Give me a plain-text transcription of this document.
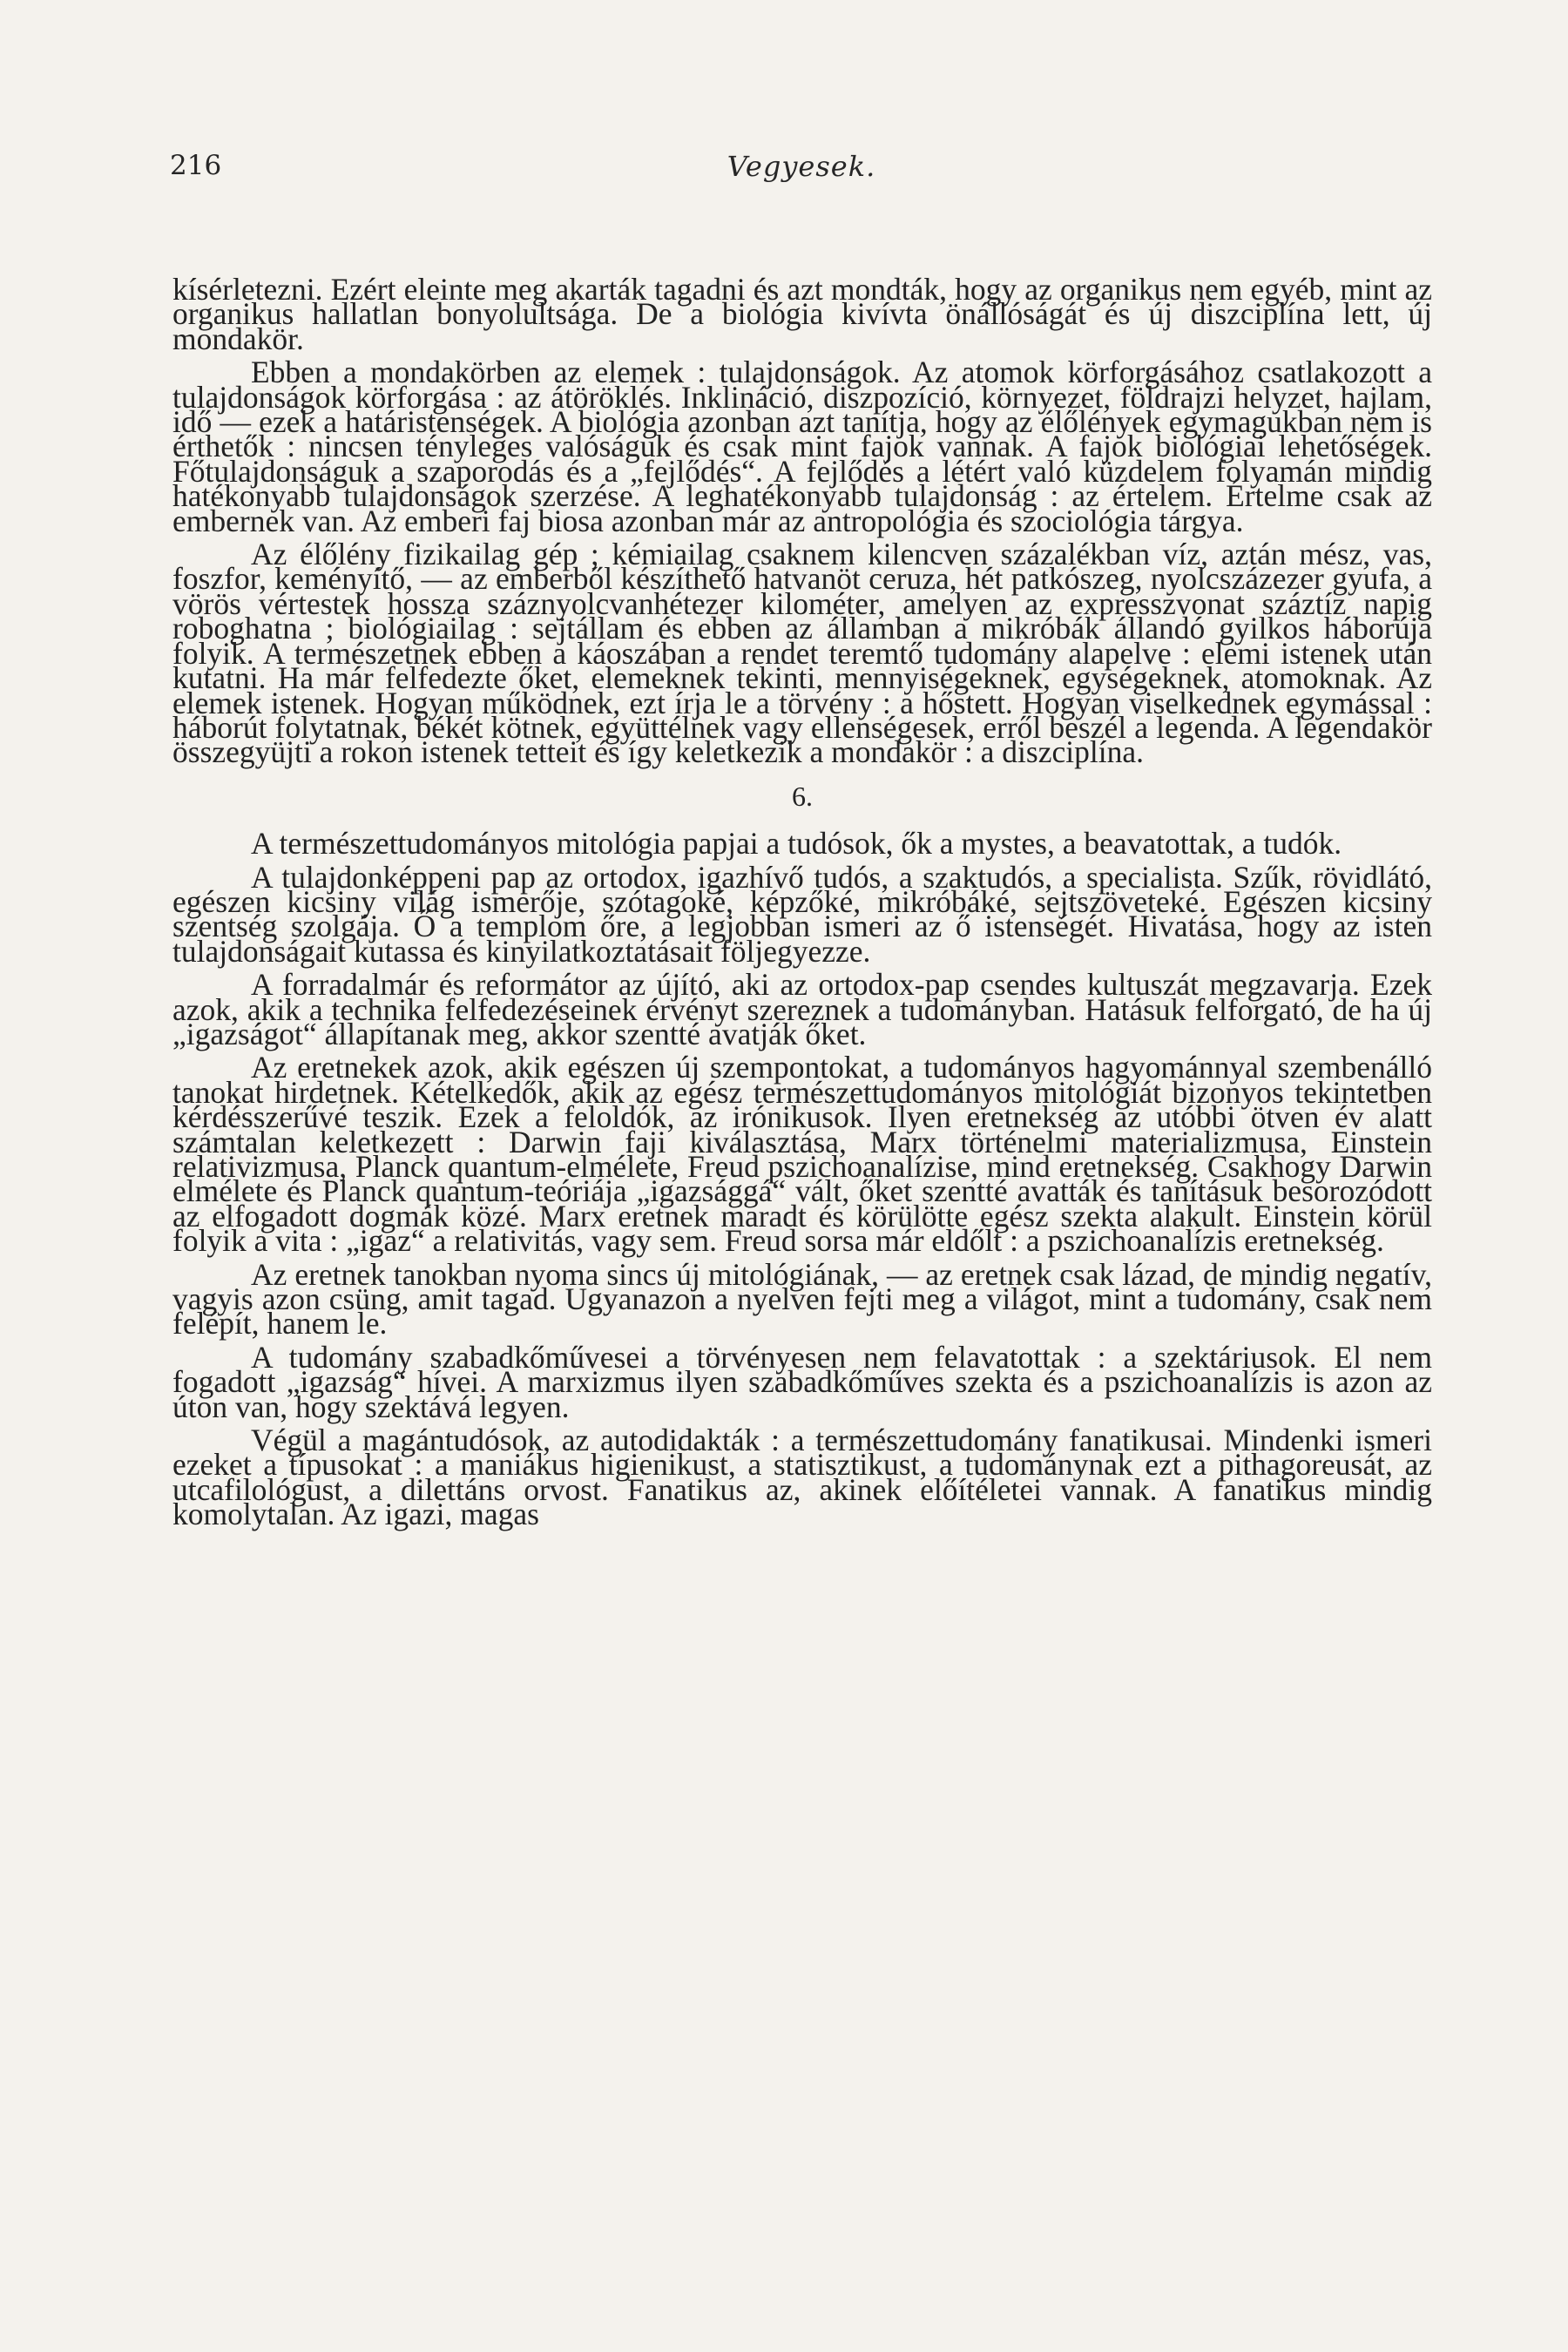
216	Vegyesek.

kísérletezni. Ezért eleinte meg akarták tagadni és azt mondták, hogy az organikus nem egyéb, mint az organikus hallatlan bonyolultsága. De a biológia kivívta önállóságát és új diszciplína lett, új mondakör.

Ebben a mondakörben az elemek : tulajdonságok. Az atomok körforgásához csatlakozott a tulajdonságok körforgása : az átöröklés. Inklináció, diszpozíció, környezet, földrajzi helyzet, hajlam, idő — ezek a határistenségek. A biológia azonban azt tanítja, hogy az élőlények egymagukban nem is érthetők : nincsen tényleges valóságuk és csak mint fajok vannak. A fajok biológiai lehetőségek. Főtulajdonságuk a szaporodás és a „fejlődés“. A fejlődés a létért való küzdelem folyamán mindig hatékonyabb tulajdonságok szerzése. A leghatékonyabb tulajdonság : az értelem. Értelme csak az embernek van. Az emberi faj biosa azonban már az antropológia és szociológia tárgya.

Az élőlény fizikailag gép ; kémiailag csaknem kilencven százalékban víz, aztán mész, vas, foszfor, keményítő, — az emberből készíthető hatvanöt ceruza, hét patkószeg, nyolcszázezer gyufa, a vörös vértestek hossza száznyolcvanhétezer kilométer, amelyen az expresszvonat száztíz napig roboghatna ; biológiailag : sejtállam és ebben az államban a mikróbák állandó gyilkos háborúja folyik. A természetnek ebben a káoszában a rendet teremtő tudomány alapelve : elemi istenek után kutatni. Ha már felfedezte őket, elemeknek tekinti, mennyiségeknek, egységeknek, atomoknak. Az elemek istenek. Hogyan működnek, ezt írja le a törvény : a hőstett. Hogyan viselkednek egymással : háborút folytatnak, békét kötnek, együttélnek vagy ellenségesek, erről beszél a legenda. A legendakör összegyüjti a rokon istenek tetteit és így keletkezik a mondakör : a diszciplína.

6.

A természettudományos mitológia papjai a tudósok, ők a mystes, a beavatottak, a tudók.

A tulajdonképpeni pap az ortodox, igazhívő tudós, a szaktudós, a specialista. Szűk, rövidlátó, egészen kicsiny világ ismerője, szótagoké, képzőké, mikróbáké, sejtszöveteké. Egészen kicsiny szentség szolgája. Ő a templom őre, a legjobban ismeri az ő istenségét. Hivatása, hogy az isten tulajdonságait kutassa és kinyilatkoztatásait följegyezze.

A forradalmár és reformátor az újító, aki az ortodox-pap csendes kultuszát megzavarja. Ezek azok, akik a technika felfedezéseinek érvényt szereznek a tudományban. Hatásuk felforgató, de ha új „igazságot“ állapítanak meg, akkor szentté avatják őket.

Az eretnekek azok, akik egészen új szempontokat, a tudományos hagyománnyal szembenálló tanokat hirdetnek. Kételkedők, akik az egész természettudományos mitológiát bizonyos tekintetben kérdésszerűvé teszik. Ezek a feloldók, az irónikusok. Ilyen eretnekség az utóbbi ötven év alatt számtalan keletkezett : Darwin faji kiválasztása, Marx történelmi materializmusa, Einstein relativizmusa, Planck quantum-elmélete, Freud pszichoanalízise, mind eretnekség. Csakhogy Darwin elmélete és Planck quantum-teóriája „igazsággá“ vált, őket szentté avatták és tanításuk besorozódott az elfogadott dogmák közé. Marx eretnek maradt és körülötte egész szekta alakult. Einstein körül folyik a vita : „igaz“ a relativitás, vagy sem. Freud sorsa már eldőlt : a pszichoanalízis eretnekség.

Az eretnek tanokban nyoma sincs új mitológiának, — az eretnek csak lázad, de mindig negatív, vagyis azon csüng, amit tagad. Ugyanazon a nyelven fejti meg a világot, mint a tudomány, csak nem felépít, hanem le.

A tudomány szabadkőművesei a törvényesen nem felavatottak : a szektáriusok. El nem fogadott „igazság“ hívei. A marxizmus ilyen szabadkőműves szekta és a pszichoanalízis is azon az úton van, hogy szektává legyen.

Végül a magántudósok, az autodidakták : a természettudomány fanatikusai. Mindenki ismeri ezeket a típusokat : a maniákus higienikust, a statisztikust, a tudománynak ezt a pithagoreusát, az utcafilológust, a dilettáns orvost. Fanatikus az, akinek előítéletei vannak. A fanatikus mindig komolytalan. Az igazi, magas
